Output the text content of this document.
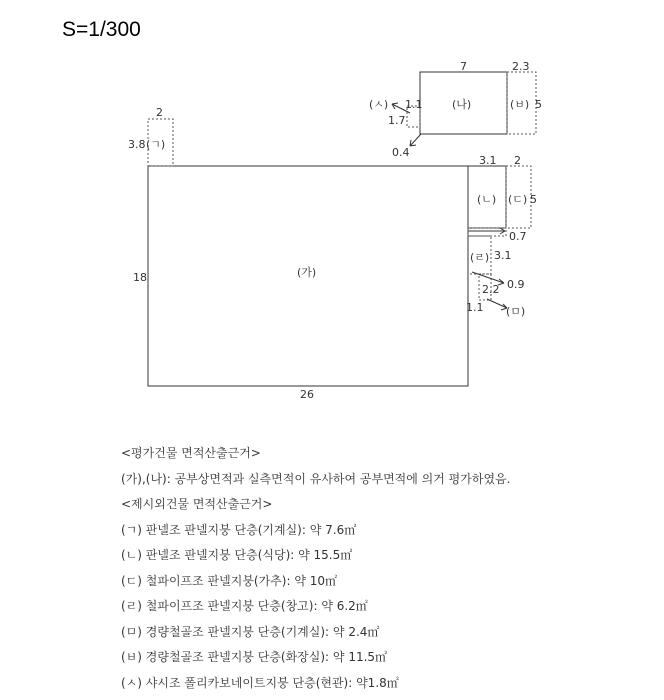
S=1/300
(가)
26
18
2
3.8 (ㄱ)
(나)
7	2.3
(ㅂ) 5
(ㅅ) 1.1
1.7
0.4
3.1
(ㄴ)
2
(ㄷ) 5
0.7
(ㄹ) 3.1
0.9
2.2
1.1 (ㅁ)
<평가건물 면적산출근거>
(가),(나): 공부상면적과 실측면적이 유사하여 공부면적에 의거 평가하였음.
<제시외건물 면적산출근거>
(ㄱ) 판넬조 판넬지붕 단층(기계실): 약 7.6㎡
(ㄴ) 판넬조 판넬지붕 단층(식당): 약 15.5㎡
(ㄷ) 철파이프조 판넬지붕(가추): 약 10㎡
(ㄹ) 철파이프조 판넬지붕 단층(창고): 약 6.2㎡
(ㅁ) 경량철골조 판넬지붕 단층(기계실): 약 2.4㎡
(ㅂ) 경량철골조 판넬지붕 단층(화장실): 약 11.5㎡
(ㅅ) 샤시조 폴리카보네이트지붕 단층(현관): 약1.8㎡
